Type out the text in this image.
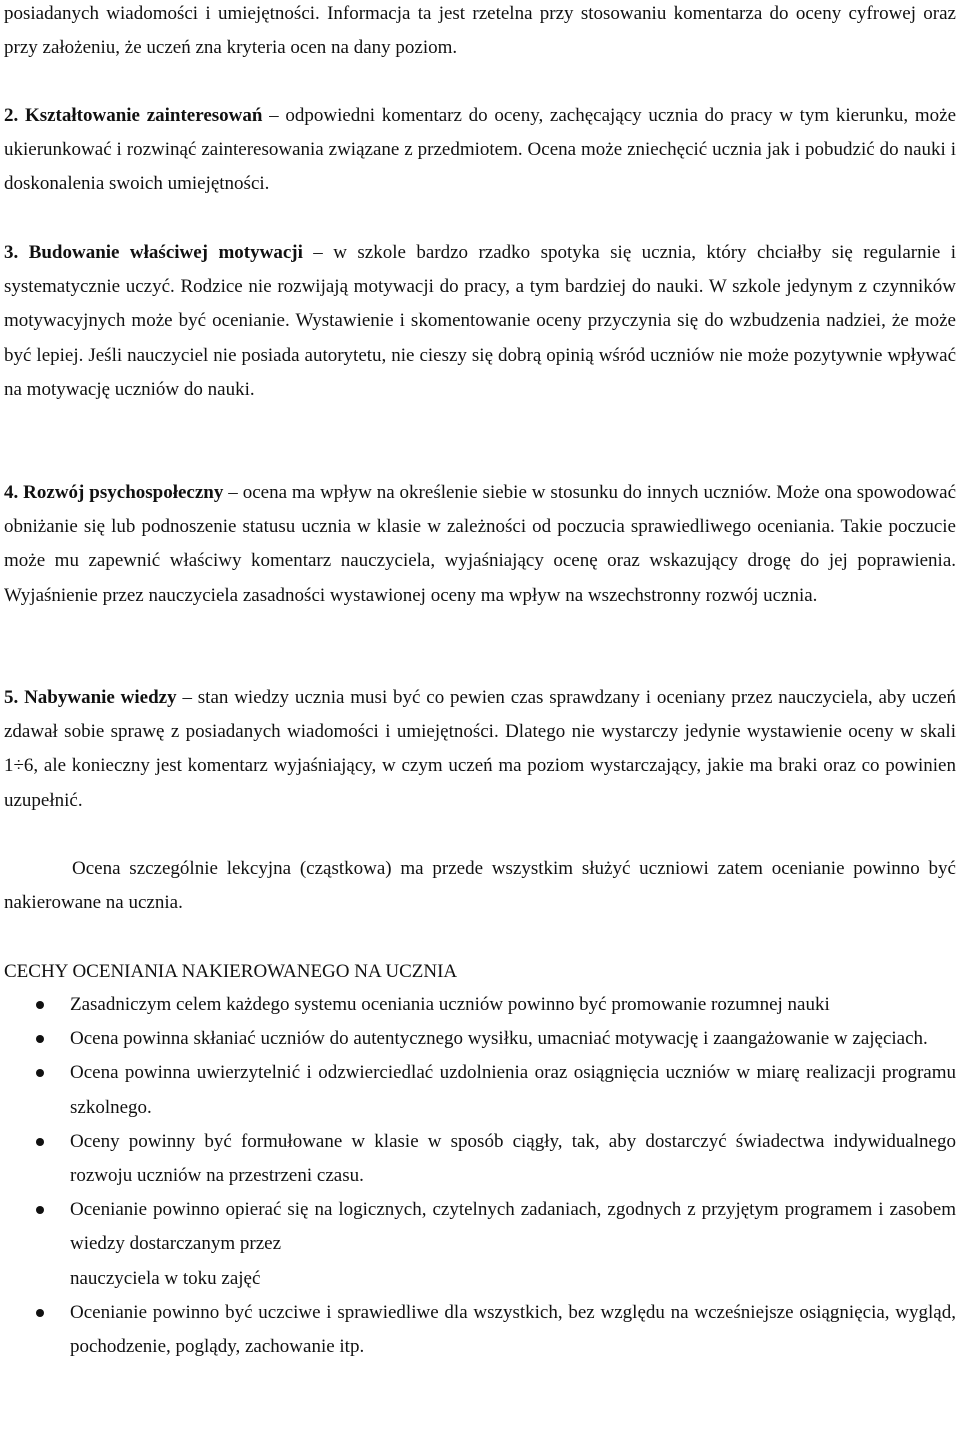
posiadanych wiadomości i umiejętności. Informacja ta jest rzetelna przy stosowaniu komentarza do oceny cyfrowej oraz przy założeniu, że uczeń zna kryteria ocen na dany poziom.

2. Kształtowanie zainteresowań – odpowiedni komentarz do oceny, zachęcający ucznia do pracy w tym kierunku, może ukierunkować i rozwinąć zainteresowania związane z przedmiotem. Ocena może zniechęcić ucznia jak i pobudzić do nauki i doskonalenia swoich umiejętności.

3. Budowanie właściwej motywacji – w szkole bardzo rzadko spotyka się ucznia, który chciałby się regularnie i systematycznie uczyć. Rodzice nie rozwijają motywacji do pracy, a tym bardziej do nauki. W szkole jedynym z czynników motywacyjnych może być ocenianie. Wystawienie i skomentowanie oceny przyczynia się do wzbudzenia nadziei, że może być lepiej. Jeśli nauczyciel nie posiada autorytetu, nie cieszy się dobrą opinią wśród uczniów nie może pozytywnie wpływać na motywację uczniów do nauki.

4. Rozwój psychospołeczny – ocena ma wpływ na określenie siebie w stosunku do innych uczniów. Może ona spowodować obniżanie się lub podnoszenie statusu ucznia w klasie w zależności od poczucia sprawiedliwego oceniania. Takie poczucie może mu zapewnić właściwy komentarz nauczyciela, wyjaśniający ocenę oraz wskazujący drogę do jej poprawienia. Wyjaśnienie przez nauczyciela zasadności wystawionej oceny ma wpływ na wszechstronny rozwój ucznia.

5. Nabywanie wiedzy – stan wiedzy ucznia musi być co pewien czas sprawdzany i oceniany przez nauczyciela, aby uczeń zdawał sobie sprawę z posiadanych wiadomości i umiejętności. Dlatego nie wystarczy jedynie wystawienie oceny w skali 1÷6, ale konieczny jest komentarz wyjaśniający, w czym uczeń ma poziom wystarczający, jakie ma braki oraz co powinien uzupełnić.

Ocena szczególnie lekcyjna (cząstkowa) ma przede wszystkim służyć uczniowi zatem ocenianie powinno być nakierowane na ucznia.

CECHY OCENIANIA NAKIEROWANEGO NA UCZNIA
Zasadniczym celem każdego systemu oceniania uczniów powinno być promowanie rozumnej nauki
Ocena powinna skłaniać uczniów do autentycznego wysiłku, umacniać motywację i zaangażowanie w zajęciach.
Ocena powinna uwierzytelnić i odzwierciedlać uzdolnienia oraz osiągnięcia uczniów w miarę realizacji programu szkolnego.
Oceny powinny być formułowane w klasie w sposób ciągły, tak, aby dostarczyć świadectwa indywidualnego rozwoju uczniów na przestrzeni czasu.
Ocenianie powinno opierać się na logicznych, czytelnych zadaniach, zgodnych z przyjętym programem i zasobem wiedzy dostarczanym przez
nauczyciela w toku zajęć
Ocenianie powinno być uczciwe i sprawiedliwe dla wszystkich, bez względu na wcześniejsze osiągnięcia, wygląd, pochodzenie, poglądy, zachowanie itp.
